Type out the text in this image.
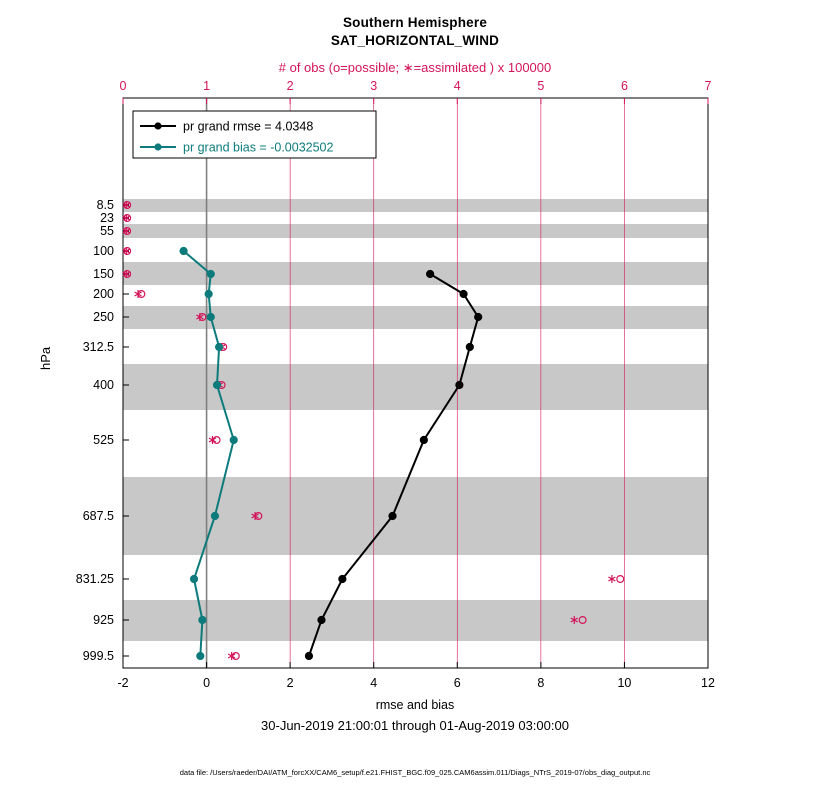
Southern Hemisphere
SAT_HORIZONTAL_WIND
# of obs (o=possible; ∗=assimilated ) x 100000
hPa
-2	0	2	4	6	8	10	12
0	1	2	3	4	5	6	7
8.5
23
55
100
150
200
250
312.5
400
525
687.5
831.25
925
999.5
pr grand rmse = 4.0348
pr grand bias = -0.0032502
rmse and bias
30-Jun-2019 21:00:01 through 01-Aug-2019 03:00:00
data file: /Users/raeder/DAI/ATM_forcXX/CAM6_setup/f.e21.FHIST_BGC.f09_025.CAM6assim.011/Diags_NTrS_2019-07/obs_diag_output.nc
